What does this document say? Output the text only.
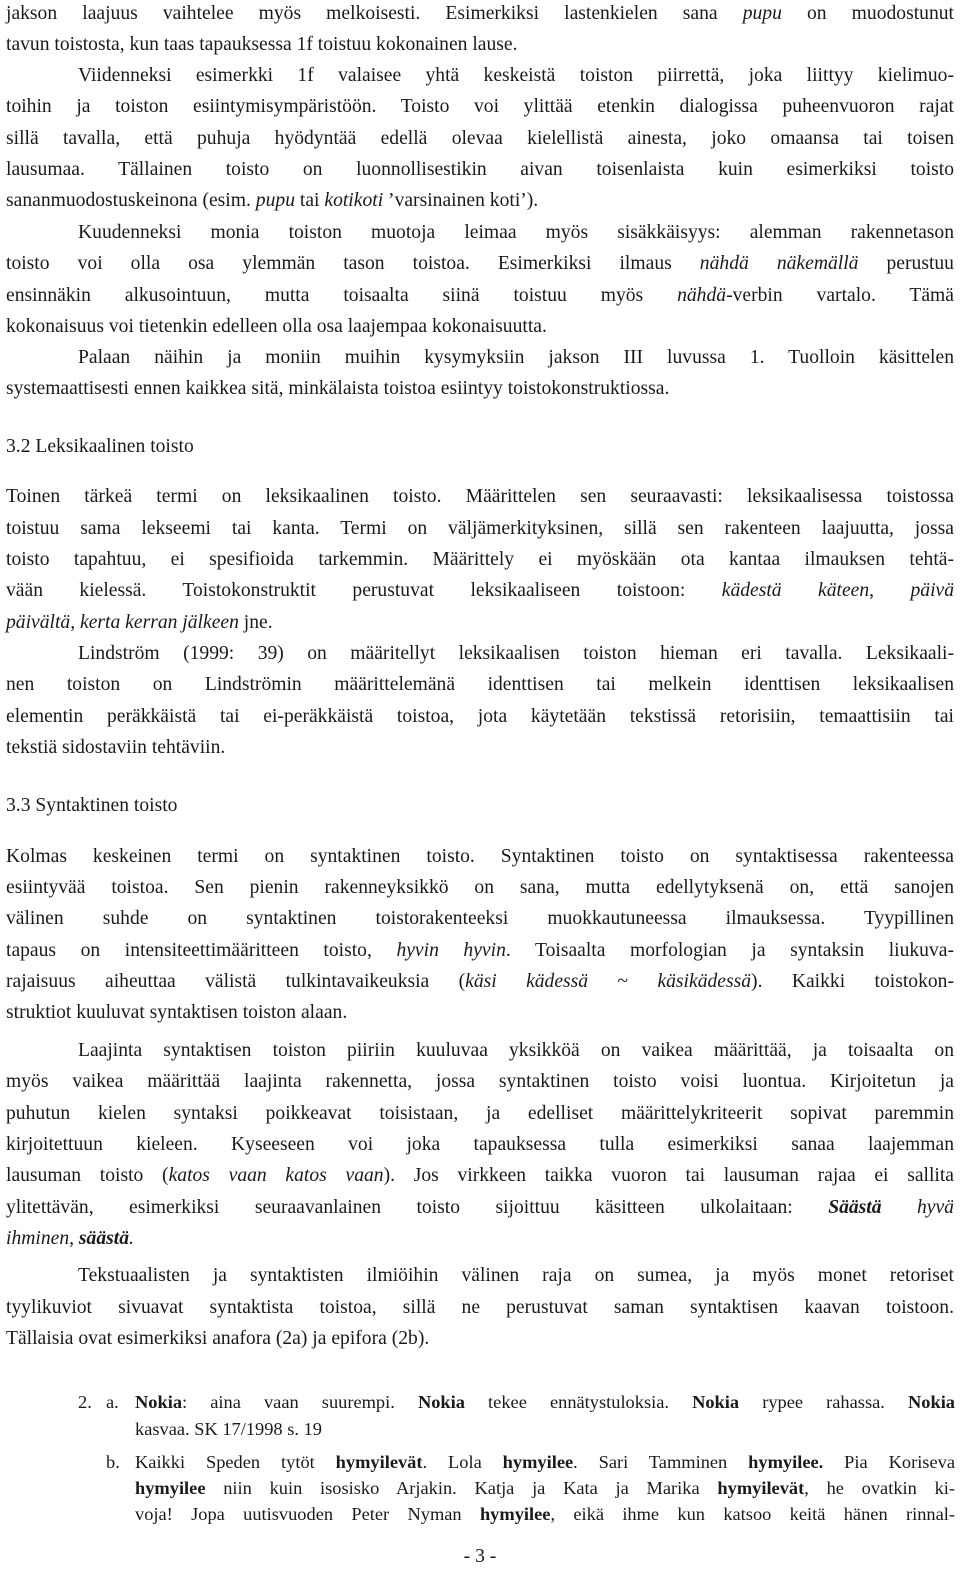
jakson laajuus vaihtelee myös melkoisesti. Esimerkiksi lastenkielen sana pupu on muodostunut
tavun toistosta, kun taas tapauksessa 1f toistuu kokonainen lause.
Viidenneksi esimerkki 1f valaisee yhtä keskeistä toiston piirrettä, joka liittyy kielimuo-
toihin ja toiston esiintymisympäristöön. Toisto voi ylittää etenkin dialogissa puheenvuoron rajat
sillä tavalla, että puhuja hyödyntää edellä olevaa kielellistä ainesta, joko omaansa tai toisen
lausumaa. Tällainen toisto on luonnollisestikin aivan toisenlaista kuin esimerkiksi toisto
sananmuodostuskeinona (esim. pupu tai kotikoti ’varsinainen koti’).
Kuudenneksi monia toiston muotoja leimaa myös sisäkkäisyys: alemman rakennetason
toisto voi olla osa ylemmän tason toistoa. Esimerkiksi ilmaus nähdä näkemällä perustuu
ensinnäkin alkusointuun, mutta toisaalta siinä toistuu myös nähdä-verbin vartalo. Tämä
kokonaisuus voi tietenkin edelleen olla osa laajempaa kokonaisuutta.
Palaan näihin ja moniin muihin kysymyksiin jakson III luvussa 1. Tuolloin käsittelen
systemaattisesti ennen kaikkea sitä, minkälaista toistoa esiintyy toistokonstruktiossa.
3.2 Leksikaalinen toisto
Toinen tärkeä termi on leksikaalinen toisto. Määrittelen sen seuraavasti: leksikaalisessa toistossa
toistuu sama lekseemi tai kanta. Termi on väljämerkityksinen, sillä sen rakenteen laajuutta, jossa
toisto tapahtuu, ei spesifioida tarkemmin. Määrittely ei myöskään ota kantaa ilmauksen tehtä-
vään kielessä. Toistokonstruktit perustuvat leksikaaliseen toistoon: kädestä käteen, päivä
päivältä, kerta kerran jälkeen jne.
Lindström (1999: 39) on määritellyt leksikaalisen toiston hieman eri tavalla. Leksikaali-
nen toiston on Lindströmin määrittelemänä identtisen tai melkein identtisen leksikaalisen
elementin peräkkäistä tai ei-peräkkäistä toistoa, jota käytetään tekstissä retorisiin, temaattisiin tai
tekstiä sidostaviin tehtäviin.
3.3 Syntaktinen toisto
Kolmas keskeinen termi on syntaktinen toisto. Syntaktinen toisto on syntaktisessa rakenteessa
esiintyvää toistoa. Sen pienin rakenneyksikkö on sana, mutta edellytyksenä on, että sanojen
välinen suhde on syntaktinen toistorakenteeksi muokkautuneessa ilmauksessa. Tyypillinen
tapaus on intensiteettimääritteen toisto, hyvin hyvin. Toisaalta morfologian ja syntaksin liukuva-
rajaisuus aiheuttaa välistä tulkintavaikeuksia (käsi kädessä ~ käsikädessä). Kaikki toistokon-
struktiot kuuluvat syntaktisen toiston alaan.
Laajinta syntaktisen toiston piiriin kuuluvaa yksikköä on vaikea määrittää, ja toisaalta on
myös vaikea määrittää laajinta rakennetta, jossa syntaktinen toisto voisi luontua. Kirjoitetun ja
puhutun kielen syntaksi poikkeavat toisistaan, ja edelliset määrittelykriteerit sopivat paremmin
kirjoitettuun kieleen. Kyseeseen voi joka tapauksessa tulla esimerkiksi sanaa laajemman
lausuman toisto (katos vaan katos vaan). Jos virkkeen taikka vuoron tai lausuman rajaa ei sallita
ylitettävän, esimerkiksi seuraavanlainen toisto sijoittuu käsitteen ulkolaitaan: Säästä hyvä
ihminen, säästä.
Tekstuaalisten ja syntaktisten ilmiöihin välinen raja on sumea, ja myös monet retoriset
tyylikuviot sivuavat syntaktista toistoa, sillä ne perustuvat saman syntaktisen kaavan toistoon.
Tällaisia ovat esimerkiksi anafora (2a) ja epifora (2b).
2. a. Nokia: aina vaan suurempi. Nokia tekee ennätystuloksia. Nokia rypee rahassa. Nokia
kasvaa. SK 17/1998 s. 19
b. Kaikki Speden tytöt hymyilevät. Lola hymyilee. Sari Tamminen hymyilee. Pia Koriseva
hymyilee niin kuin isosisko Arjakin. Katja ja Kata ja Marika hymyilevät, he ovatkin ki-
voja! Jopa uutisvuoden Peter Nyman hymyilee, eikä ihme kun katsoo keitä hänen rinnal-
- 3 -
